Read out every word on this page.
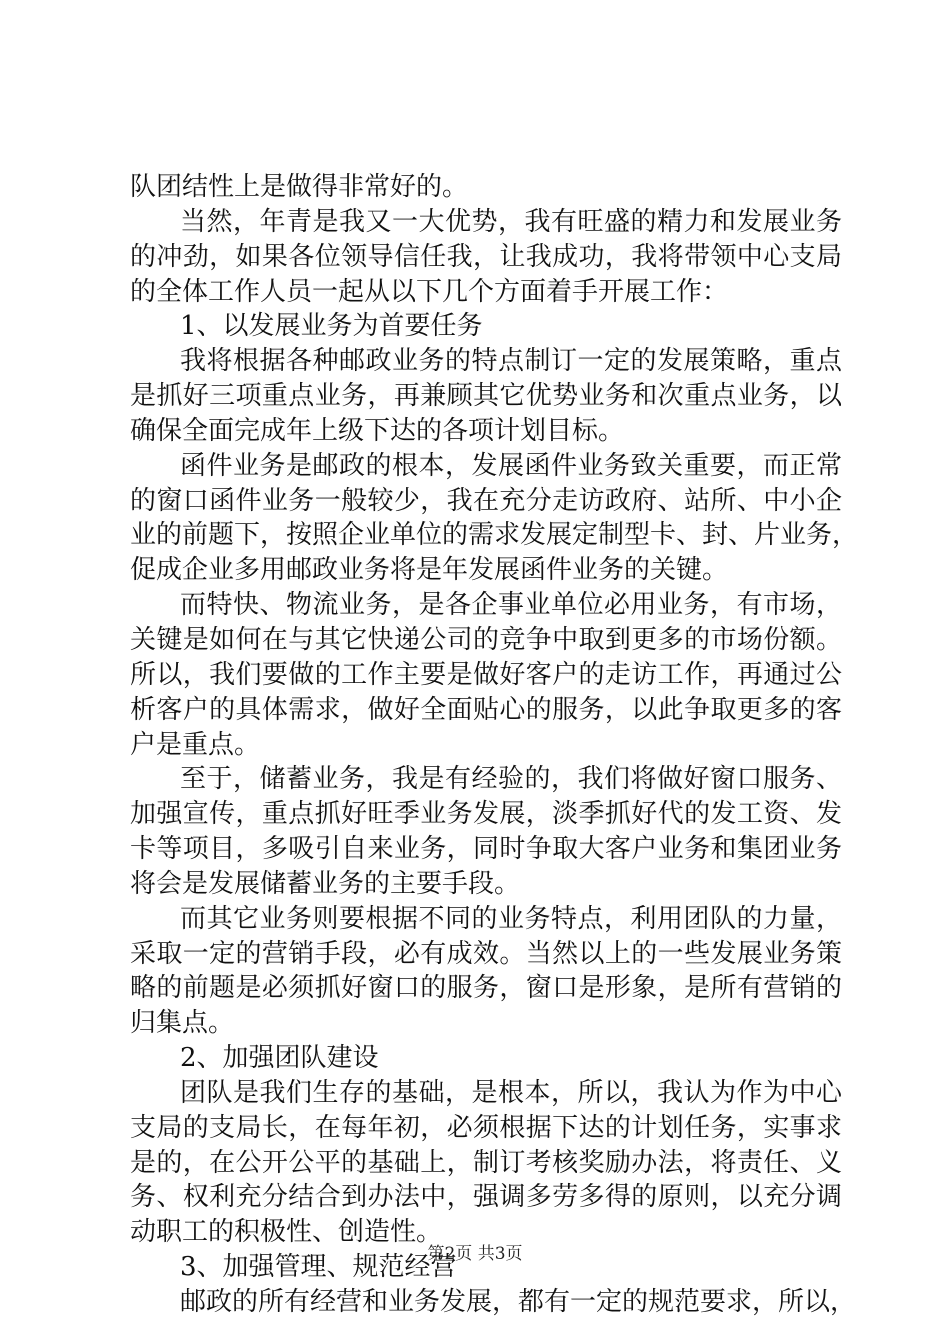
队团结性上是做得非常好的。
当然，年青是我又一大优势，我有旺盛的精力和发展业务
的冲劲，如果各位领导信任我，让我成功，我将带领中心支局
的全体工作人员一起从以下几个方面着手开展工作：
1、以发展业务为首要任务
我将根据各种邮政业务的特点制订一定的发展策略，重点
是抓好三项重点业务，再兼顾其它优势业务和次重点业务，以
确保全面完成年上级下达的各项计划目标。
函件业务是邮政的根本，发展函件业务致关重要，而正常
的窗口函件业务一般较少，我在充分走访政府、站所、中小企
业的前题下，按照企业单位的需求发展定制型卡、封、片业务，
促成企业多用邮政业务将是年发展函件业务的关键。
而特快、物流业务，是各企事业单位必用业务，有市场，
关键是如何在与其它快递公司的竞争中取到更多的市场份额。
所以，我们要做的工作主要是做好客户的走访工作，再通过公
析客户的具体需求，做好全面贴心的服务，以此争取更多的客
户是重点。
至于，储蓄业务，我是有经验的，我们将做好窗口服务、
加强宣传，重点抓好旺季业务发展，淡季抓好代的发工资、发
卡等项目，多吸引自来业务，同时争取大客户业务和集团业务
将会是发展储蓄业务的主要手段。
而其它业务则要根据不同的业务特点，利用团队的力量，
采取一定的营销手段，必有成效。当然以上的一些发展业务策
略的前题是必须抓好窗口的服务，窗口是形象，是所有营销的
归集点。
2、加强团队建设
团队是我们生存的基础，是根本，所以，我认为作为中心
支局的支局长，在每年初，必须根据下达的计划任务，实事求
是的，在公开公平的基础上，制订考核奖励办法，将责任、义
务、权利充分结合到办法中，强调多劳多得的原则，以充分调
动职工的积极性、创造性。
3、加强管理、规范经营
邮政的所有经营和业务发展，都有一定的规范要求，所以，
第2页 共3页
